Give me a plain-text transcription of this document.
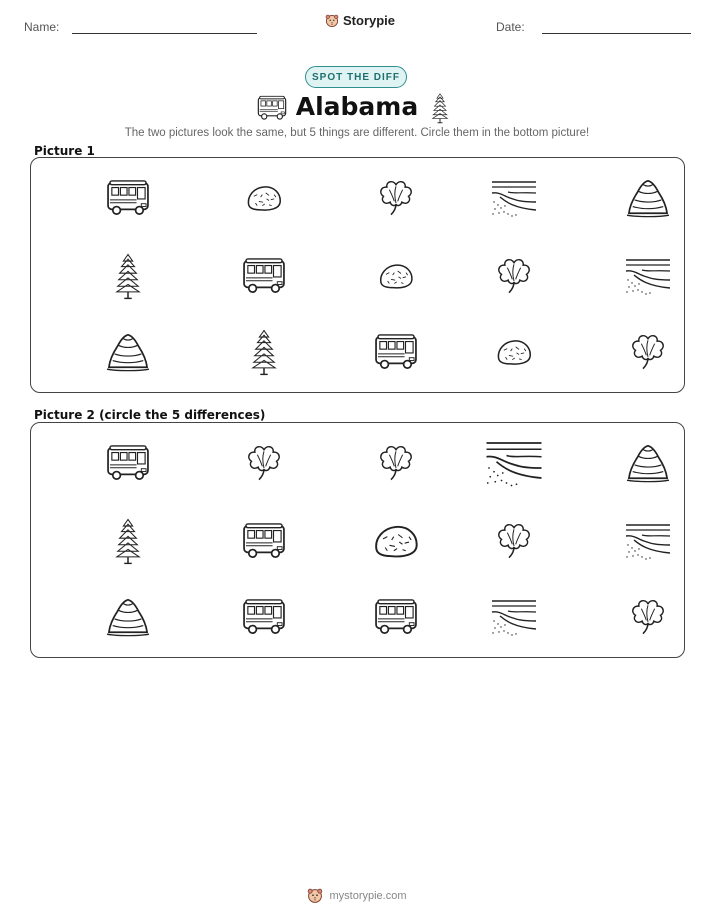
Name:	Storypie	Date:
SPOT THE DIFF
Alabama
The two pictures look the same, but 5 things are different. Circle them in the bottom picture!
Picture 1
Picture 2 (circle the 5 differences)
mystorypie.com
